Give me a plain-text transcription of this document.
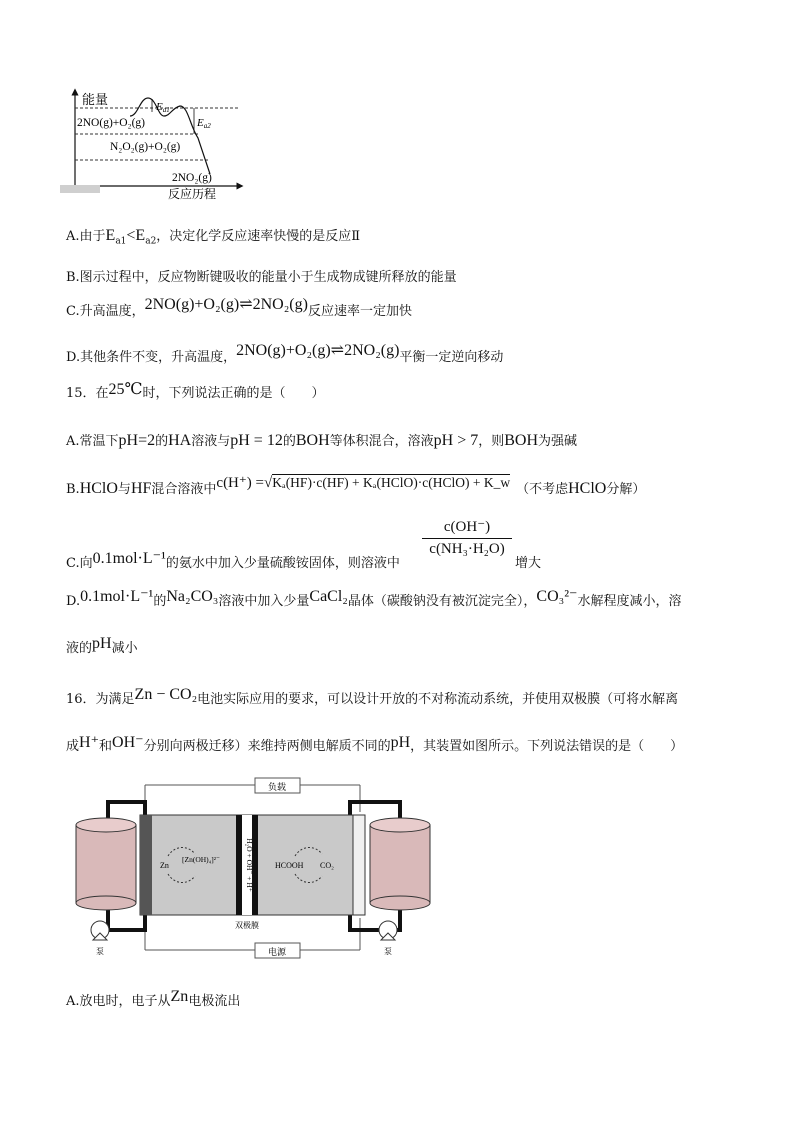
能量
反应历程
Ea1
Ea2
2NO(g)+O₂(g)
N₂O₂(g)+O₂(g)
2NO₂(g)
A.由于$E_{a1}<E_{a2}$，决定化学反应速率快慢的是反应Ⅱ
B.图示过程中，反应物断键吸收的能量小于生成物成键所释放的能量
C.升高温度，2NO(g)+O₂(g)⇌2NO₂(g)反应速率一定加快
D.其他条件不变，升高温度，2NO(g)+O₂(g)⇌2NO₂(g)平衡一定逆向移动
15．在25℃时，下列说法正确的是（　　）
A.常温下pH=2的HA溶液与pH = 12的BOH等体积混合，溶液pH > 7，则BOH为强碱
B.HClO与HF混合溶液中c(H⁺) =√Kₐ(HF)·c(HF) + Kₐ(HClO)·c(HClO) + K_w （不考虑HClO分解）
C.向0.1mol·L⁻¹的氨水中加入少量硫酸铵固体，则溶液中
c(OH⁻)
c(NH₃·H₂O)
增大
D.0.1mol·L⁻¹的Na₂CO₃溶液中加入少量CaCl₂晶体（碳酸钠没有被沉淀完全），CO₃²⁻水解程度减小，溶
液的pH减小
16．为满足Zn − CO₂电池实际应用的要求，可以设计开放的不对称流动系统，并使用双极膜（可将水解离
成H⁺和OH⁻分别向两极迁移）来维持两侧电解质不同的pH，其装置如图所示。下列说法错误的是（　　）
负载
电源
泵	泵
H₂O + OH⁻ + H⁺
Zn
[Zn(OH)₄]²⁻
HCOOH CO₂
双极膜
A.放电时，电子从Zn电极流出
